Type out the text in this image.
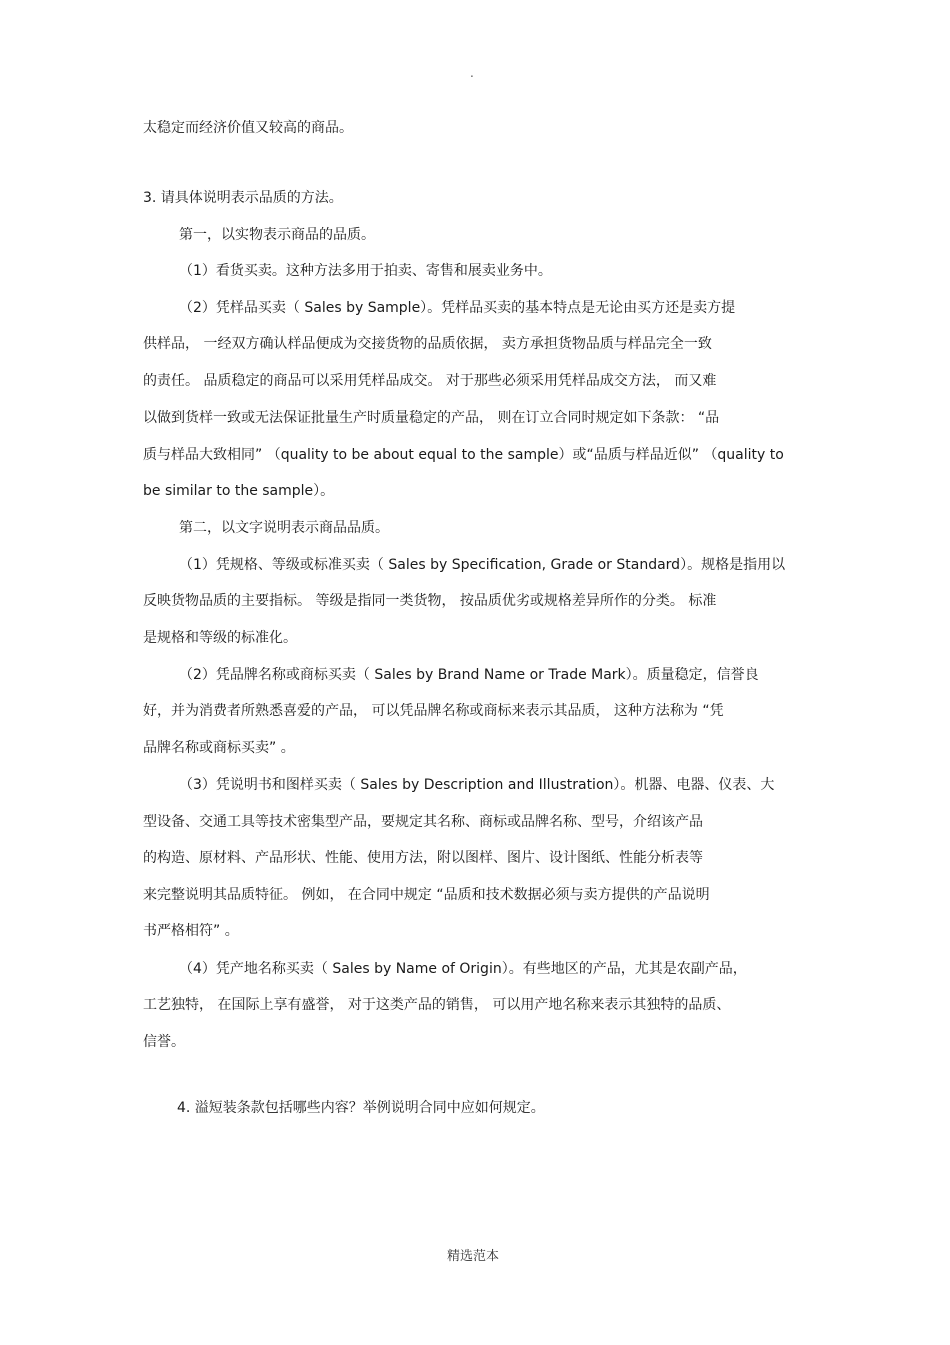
.
太稳定而经济价值又较高的商品。
3. 请具体说明表示品质的方法。
第一，以实物表示商品的品质。
（1）看货买卖。这种方法多用于拍卖、寄售和展卖业务中。
（2）凭样品买卖（ Sales by Sample）。凭样品买卖的基本特点是无论由买方还是卖方提
供样品， 一经双方确认样品便成为交接货物的品质依据， 卖方承担货物品质与样品完全一致
的责任。 品质稳定的商品可以采用凭样品成交。 对于那些必须采用凭样品成交方法， 而又难
以做到货样一致或无法保证批量生产时质量稳定的产品， 则在订立合同时规定如下条款： “品
质与样品大致相同” （quality to be about equal to the sample）或“品质与样品近似” （quality to
be similar to the sample）。
第二，以文字说明表示商品品质。
（1）凭规格、等级或标准买卖（ Sales by Specification, Grade or Standard）。规格是指用以
反映货物品质的主要指标。 等级是指同一类货物， 按品质优劣或规格差异所作的分类。 标准
是规格和等级的标准化。
（2）凭品牌名称或商标买卖（ Sales by Brand Name or Trade Mark）。质量稳定，信誉良
好，并为消费者所熟悉喜爱的产品， 可以凭品牌名称或商标来表示其品质， 这种方法称为 “凭
品牌名称或商标买卖” 。
（3）凭说明书和图样买卖（ Sales by Description and Illustration）。机器、电器、仪表、大
型设备、交通工具等技术密集型产品，要规定其名称、商标或品牌名称、型号，介绍该产品
的构造、原材料、产品形状、性能、使用方法，附以图样、图片、设计图纸、性能分析表等
来完整说明其品质特征。 例如， 在合同中规定 “品质和技术数据必须与卖方提供的产品说明
书严格相符” 。
（4）凭产地名称买卖（ Sales by Name of Origin）。有些地区的产品，尤其是农副产品，
工艺独特， 在国际上享有盛誉， 对于这类产品的销售， 可以用产地名称来表示其独特的品质、
信誉。
4. 溢短装条款包括哪些内容？举例说明合同中应如何规定。
精选范本
